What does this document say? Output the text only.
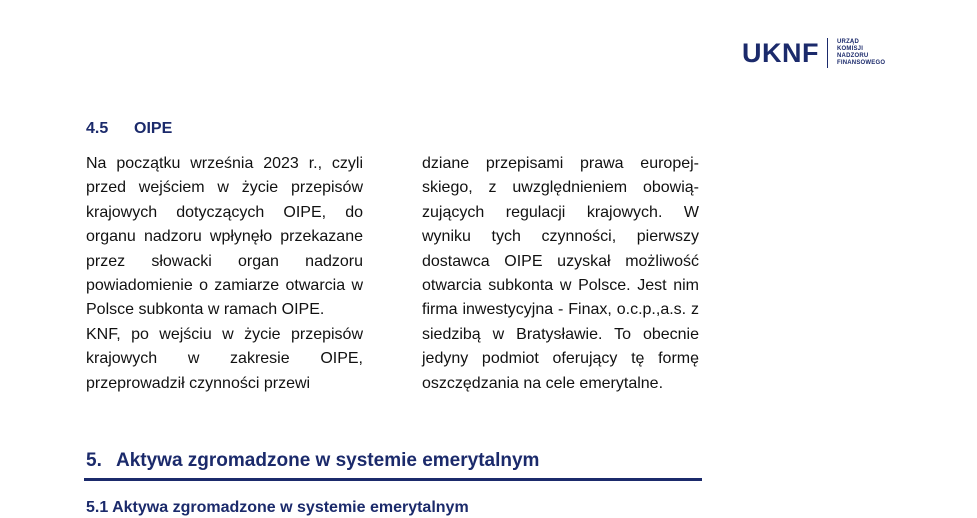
UKNF	URZĄD
KOMISJI
NADZORU
FINANSOWEGO
4.5 OIPE

Na początku września 2023 r., czyli przed wejściem w życie przepisów krajowych dotyczących OIPE, do organu nadzoru wpłynęło przekazane przez słowacki organ nadzoru powiadomienie o zamiarze otwarcia w Polsce subkonta w ramach OIPE.

KNF, po wejściu w życie przepisów krajowych w zakresie OIPE, przeprowadził czynności przewi

dziane przepisami prawa europejskiego, z uwzględnieniem obowiązujących regulacji krajowych. W wyniku tych czynności, pierwszy dostawca OIPE uzyskał możliwość otwarcia subkonta w Polsce. Jest nim firma inwestycyjna - Finax, o.c.p.,a.s. z siedzibą w Bratysławie. To obecnie jedyny podmiot oferujący tę formę oszczędzania na cele emerytalne.

5. Aktywa zgromadzone w systemie emerytalnym
5.1 Aktywa zgromadzone w systemie emerytalnym
